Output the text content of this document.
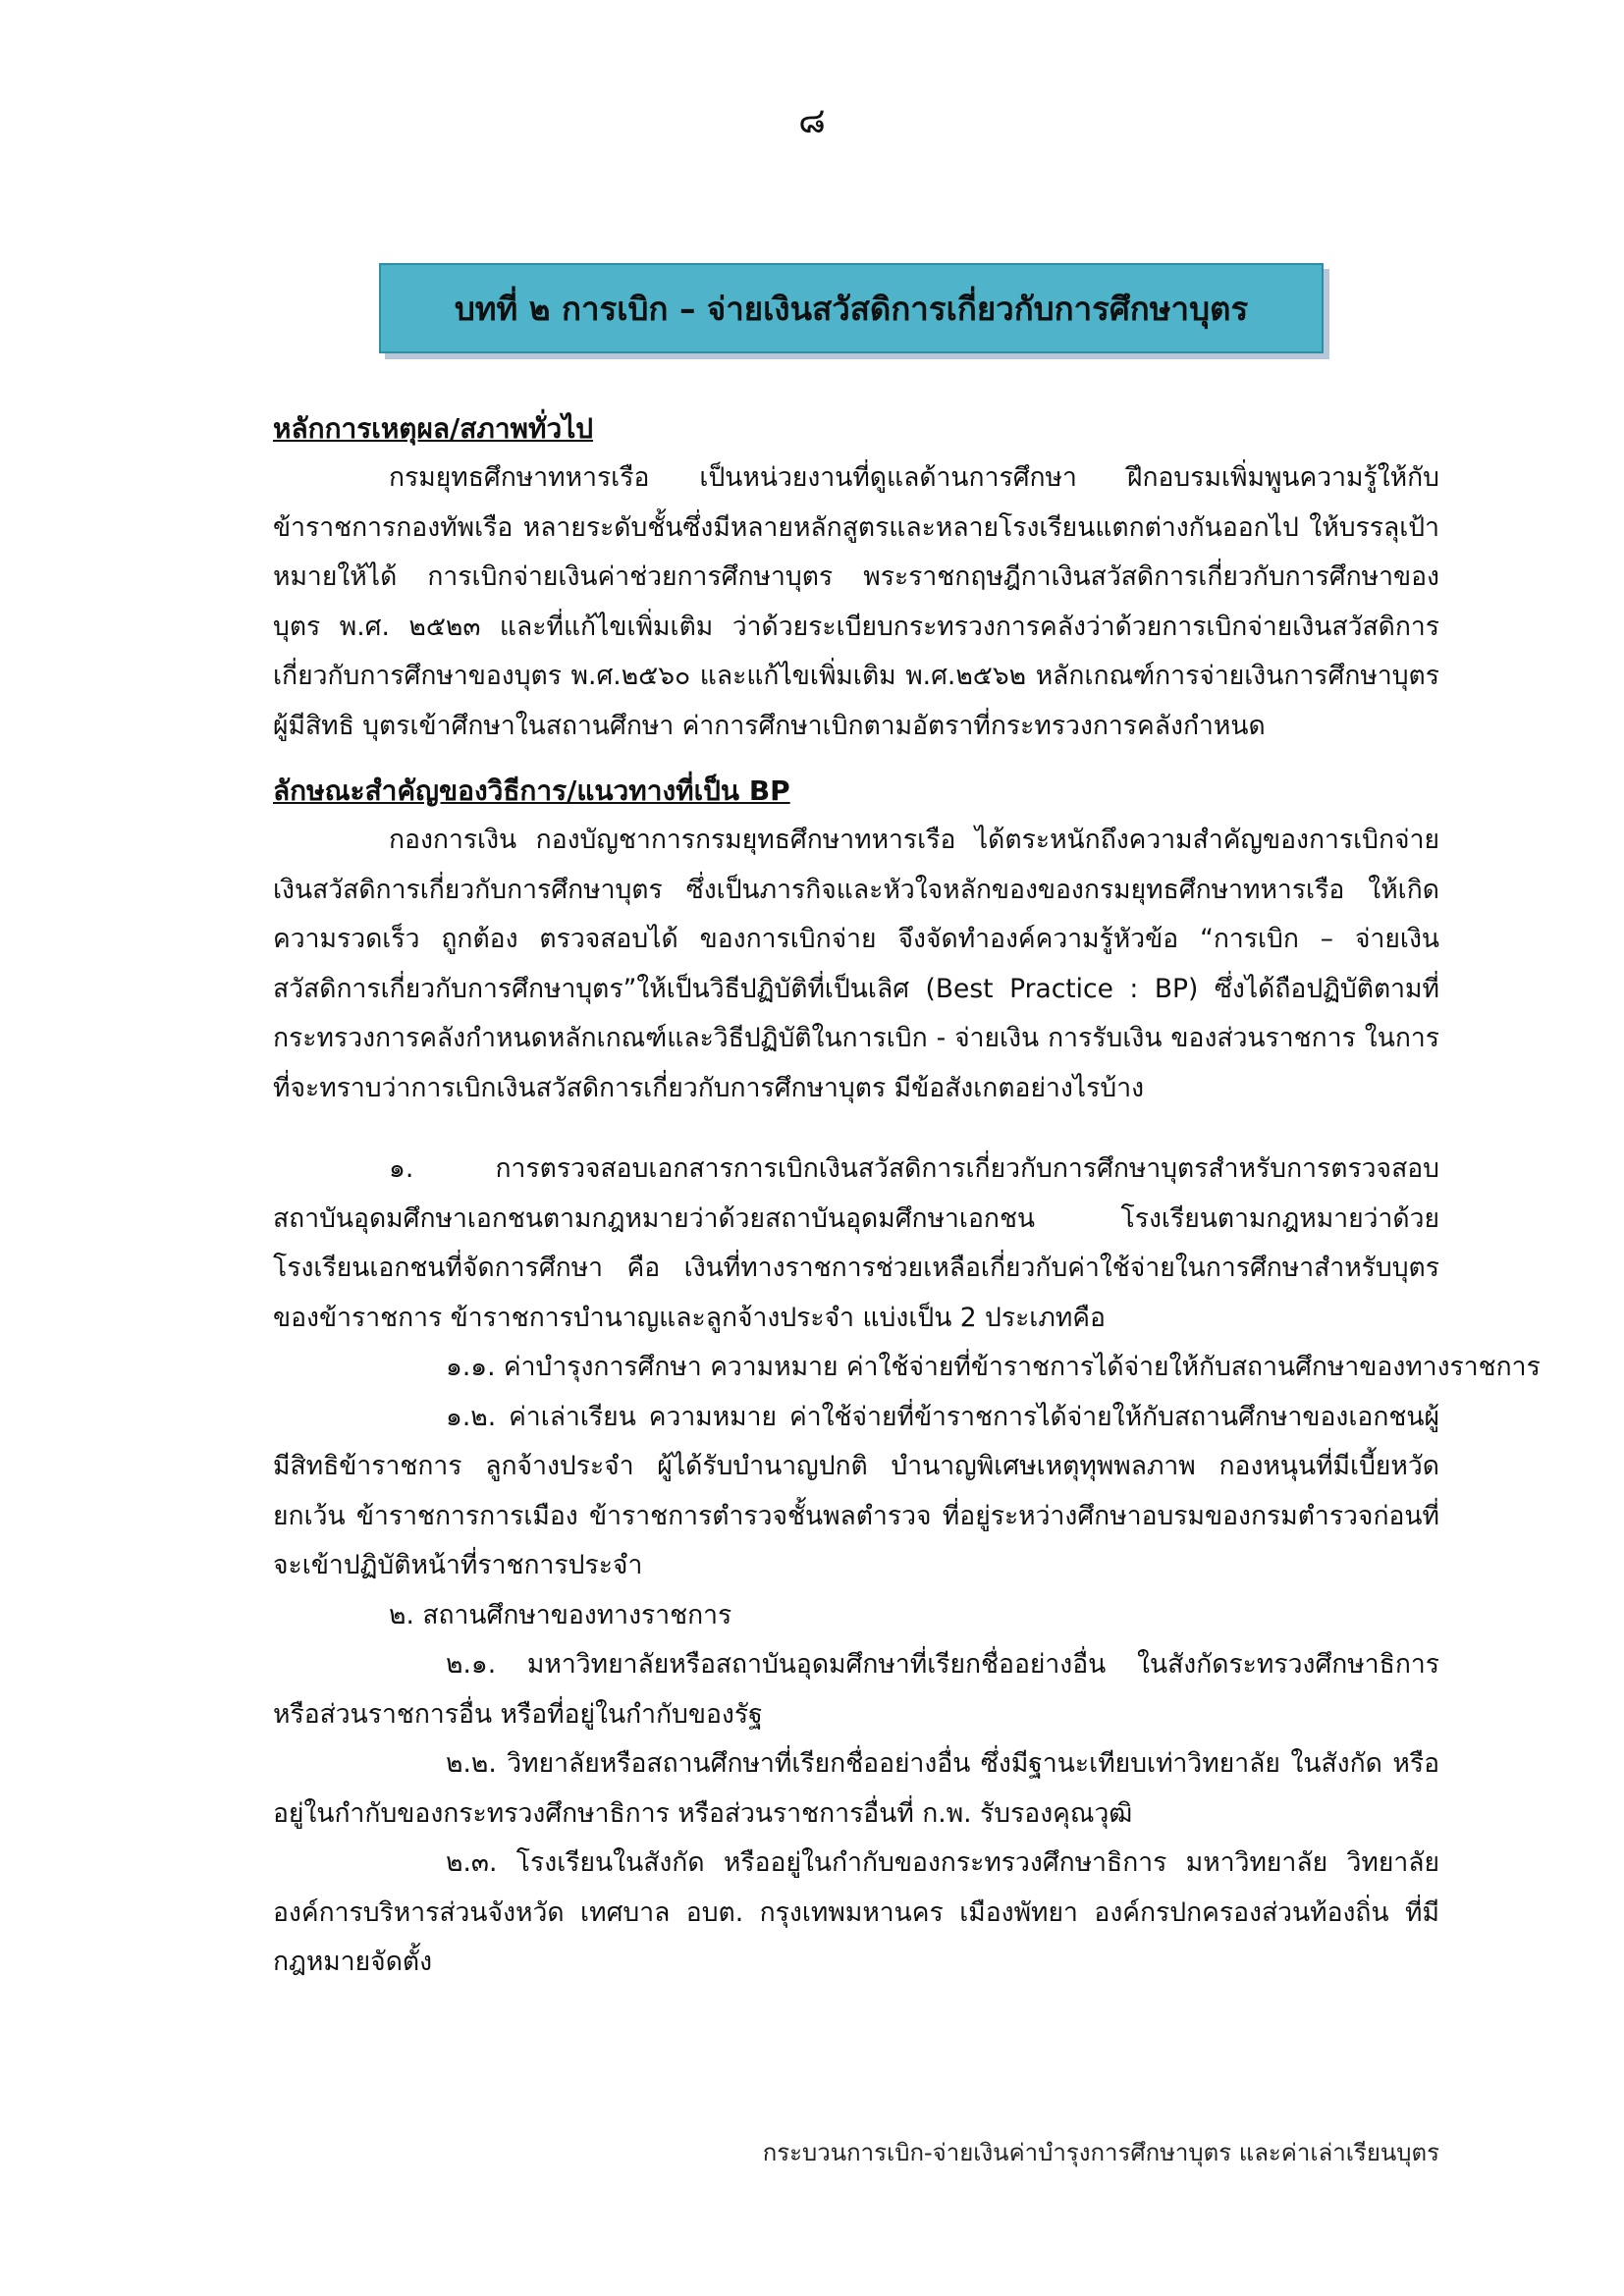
๘
บทที่ ๒ การเบิก – จ่ายเงินสวัสดิการเกี่ยวกับการศึกษาบุตร

หลักการเหตุผล/สภาพทั่วไป

กรมยุทธศึกษาทหารเรือ เป็นหน่วยงานที่ดูแลด้านการศึกษา ฝึกอบรมเพิ่มพูนความรู้ให้กับข้าราชการกองทัพเรือ หลายระดับชั้นซึ่งมีหลายหลักสูตรและหลายโรงเรียนแตกต่างกันออกไป ให้บรรลุเป้าหมายให้ได้ การเบิกจ่ายเงินค่าช่วยการศึกษาบุตร พระราชกฤษฎีกาเงินสวัสดิการเกี่ยวกับการศึกษาของบุตร พ.ศ. ๒๕๒๓ และที่แก้ไขเพิ่มเติม ว่าด้วยระเบียบกระทรวงการคลังว่าด้วยการเบิกจ่ายเงินสวัสดิการเกี่ยวกับการศึกษาของบุตร พ.ศ.๒๕๖๐ และแก้ไขเพิ่มเติม พ.ศ.๒๕๖๒ หลักเกณฑ์การจ่ายเงินการศึกษาบุตร ผู้มีสิทธิ บุตรเข้าศึกษาในสถานศึกษา ค่าการศึกษาเบิกตามอัตราที่กระทรวงการคลังกำหนด

ลักษณะสำคัญของวิธีการ/แนวทางที่เป็น BP

กองการเงิน กองบัญชาการกรมยุทธศึกษาทหารเรือ ได้ตระหนักถึงความสำคัญของการเบิกจ่ายเงินสวัสดิการเกี่ยวกับการศึกษาบุตร ซึ่งเป็นภารกิจและหัวใจหลักของของกรมยุทธศึกษาทหารเรือ ให้เกิดความรวดเร็ว ถูกต้อง ตรวจสอบได้ ของการเบิกจ่าย จึงจัดทำองค์ความรู้หัวข้อ “การเบิก – จ่ายเงินสวัสดิการเกี่ยวกับการศึกษาบุตร”ให้เป็นวิธีปฏิบัติที่เป็นเลิศ (Best Practice : BP) ซึ่งได้ถือปฏิบัติตามที่กระทรวงการคลังกำหนดหลักเกณฑ์และวิธีปฏิบัติในการเบิก - จ่ายเงิน การรับเงิน ของส่วนราชการ ในการที่จะทราบว่าการเบิกเงินสวัสดิการเกี่ยวกับการศึกษาบุตร มีข้อสังเกตอย่างไรบ้าง

๑. การตรวจสอบเอกสารการเบิกเงินสวัสดิการเกี่ยวกับการศึกษาบุตรสำหรับการตรวจสอบสถาบันอุดมศึกษาเอกชนตามกฎหมายว่าด้วยสถาบันอุดมศึกษาเอกชน โรงเรียนตามกฎหมายว่าด้วยโรงเรียนเอกชนที่จัดการศึกษา คือ เงินที่ทางราชการช่วยเหลือเกี่ยวกับค่าใช้จ่ายในการศึกษาสำหรับบุตรของข้าราชการ ข้าราชการบำนาญและลูกจ้างประจำ แบ่งเป็น 2 ประเภทคือ

๑.๑. ค่าบำรุงการศึกษา ความหมาย ค่าใช้จ่ายที่ข้าราชการได้จ่ายให้กับสถานศึกษาของทางราชการ

๑.๒. ค่าเล่าเรียน ความหมาย ค่าใช้จ่ายที่ข้าราชการได้จ่ายให้กับสถานศึกษาของเอกชนผู้มีสิทธิข้าราชการ ลูกจ้างประจำ ผู้ได้รับบำนาญปกติ บำนาญพิเศษเหตุทุพพลภาพ กองหนุนที่มีเบี้ยหวัด ยกเว้น ข้าราชการการเมือง ข้าราชการตำรวจชั้นพลตำรวจ ที่อยู่ระหว่างศึกษาอบรมของกรมตำรวจก่อนที่จะเข้าปฏิบัติหน้าที่ราชการประจำ

๒. สถานศึกษาของทางราชการ

๒.๑. มหาวิทยาลัยหรือสถาบันอุดมศึกษาที่เรียกชื่ออย่างอื่น ในสังกัดระทรวงศึกษาธิการหรือส่วนราชการอื่น หรือที่อยู่ในกำกับของรัฐ

๒.๒. วิทยาลัยหรือสถานศึกษาที่เรียกชื่ออย่างอื่น ซึ่งมีฐานะเทียบเท่าวิทยาลัย ในสังกัด หรืออยู่ในกำกับของกระทรวงศึกษาธิการ หรือส่วนราชการอื่นที่ ก.พ. รับรองคุณวุฒิ

๒.๓. โรงเรียนในสังกัด หรืออยู่ในกำกับของกระทรวงศึกษาธิการ มหาวิทยาลัย วิทยาลัย องค์การบริหารส่วนจังหวัด เทศบาล อบต. กรุงเทพมหานคร เมืองพัทยา องค์กรปกครองส่วนท้องถิ่น ที่มีกฎหมายจัดตั้ง

กระบวนการเบิก-จ่ายเงินค่าบำรุงการศึกษาบุตร และค่าเล่าเรียนบุตร
